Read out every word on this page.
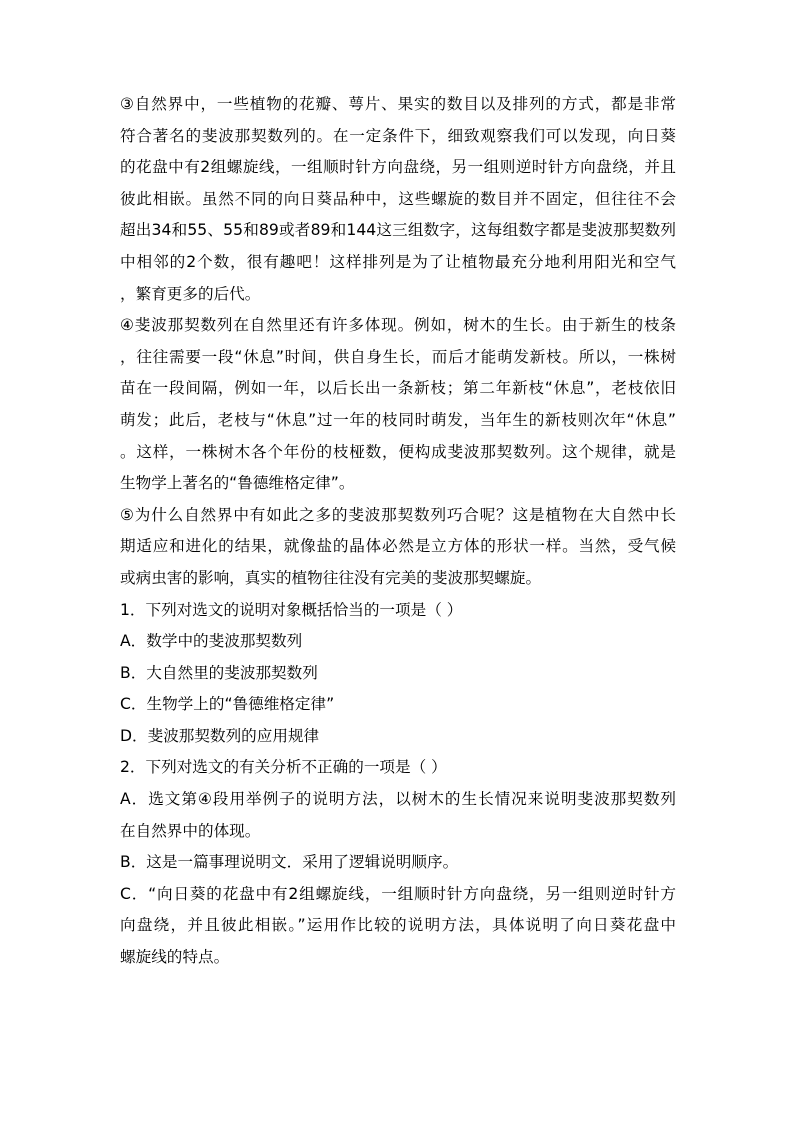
③自然界中，一些植物的花瓣、萼片、果实的数目以及排列的方式，都是非常
符合著名的斐波那契数列的。在一定条件下，细致观察我们可以发现，向日葵
的花盘中有2组螺旋线，一组顺时针方向盘绕，另一组则逆时针方向盘绕，并且
彼此相嵌。虽然不同的向日葵品种中，这些螺旋的数目并不固定，但往往不会
超出34和55、55和89或者89和144这三组数字，这每组数字都是斐波那契数列
中相邻的2个数，很有趣吧！这样排列是为了让植物最充分地利用阳光和空气
，繁育更多的后代。
④斐波那契数列在自然里还有许多体现。例如，树木的生长。由于新生的枝条
，往往需要一段“休息”时间，供自身生长，而后才能萌发新枝。所以，一株树
苗在一段间隔，例如一年，以后长出一条新枝；第二年新枝“休息”，老枝依旧
萌发；此后，老枝与“休息”过一年的枝同时萌发，当年生的新枝则次年“休息”
。这样，一株树木各个年份的枝桠数，便构成斐波那契数列。这个规律，就是
生物学上著名的“鲁德维格定律”。
⑤为什么自然界中有如此之多的斐波那契数列巧合呢？这是植物在大自然中长
期适应和进化的结果，就像盐的晶体必然是立方体的形状一样。当然，受气候
或病虫害的影响，真实的植物往往没有完美的斐波那契螺旋。
1．下列对选文的说明对象概括恰当的一项是（ ）
A．数学中的斐波那契数列
B．大自然里的斐波那契数列
C．生物学上的“鲁德维格定律”
D．斐波那契数列的应用规律
2．下列对选文的有关分析不正确的一项是（ ）
A．选文第④段用举例子的说明方法，以树木的生长情况来说明斐波那契数列
在自然界中的体现。
B．这是一篇事理说明文．采用了逻辑说明顺序。
C．“向日葵的花盘中有2组螺旋线，一组顺时针方向盘绕，另一组则逆时针方
向盘绕，并且彼此相嵌。”运用作比较的说明方法，具体说明了向日葵花盘中
螺旋线的特点。
